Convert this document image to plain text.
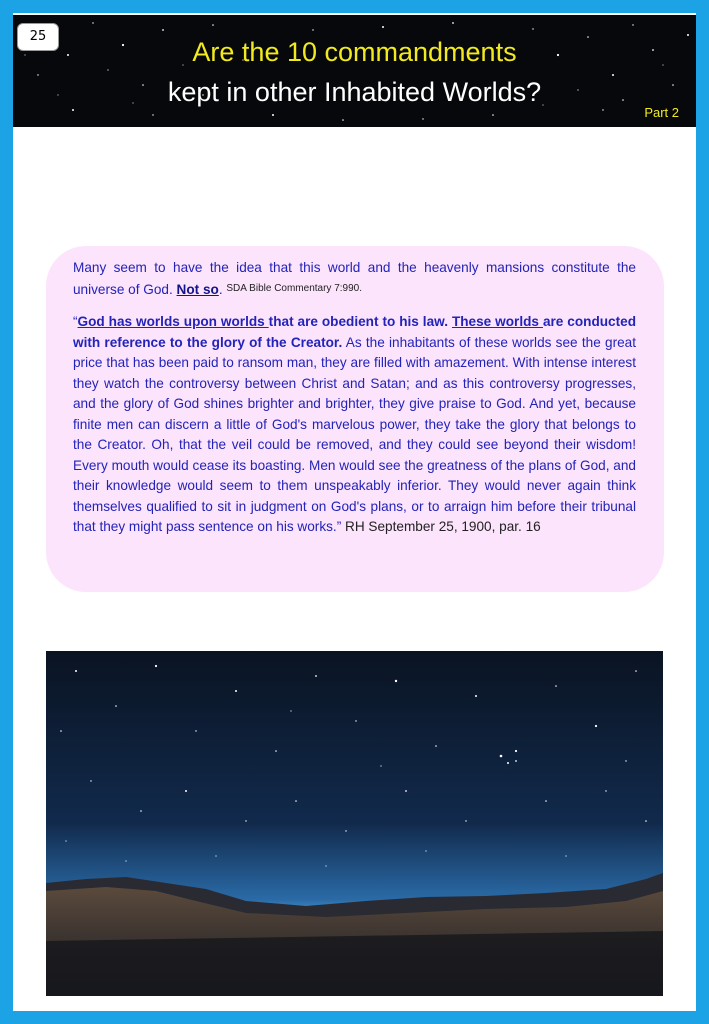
25
Are the 10 commandments
kept in other Inhabited Worlds?
Part 2

Many seem to have the idea that this world and the heavenly mansions constitute the universe of God. Not so. $^{SDA Bible Commentary 7:990.}$

“God has worlds upon worlds that are obedient to his law. These worlds are conducted with reference to the glory of the Creator. As the inhabitants of these worlds see the great price that has been paid to ransom man, they are filled with amazement. With intense interest they watch the controversy between Christ and Satan; and as this controversy progresses, and the glory of God shines brighter and brighter, they give praise to God. And yet, because finite men can discern a little of God's marvelous power, they take the glory that belongs to the Creator. Oh, that the veil could be removed, and they could see beyond their wisdom! Every mouth would cease its boasting. Men would see the greatness of the plans of God, and their knowledge would seem to them unspeakably inferior. They would never again think themselves qualified to sit in judgment on God's plans, or to arraign him before their tribunal that they might pass sentence on his works.” RH September 25, 1900, par. 16
